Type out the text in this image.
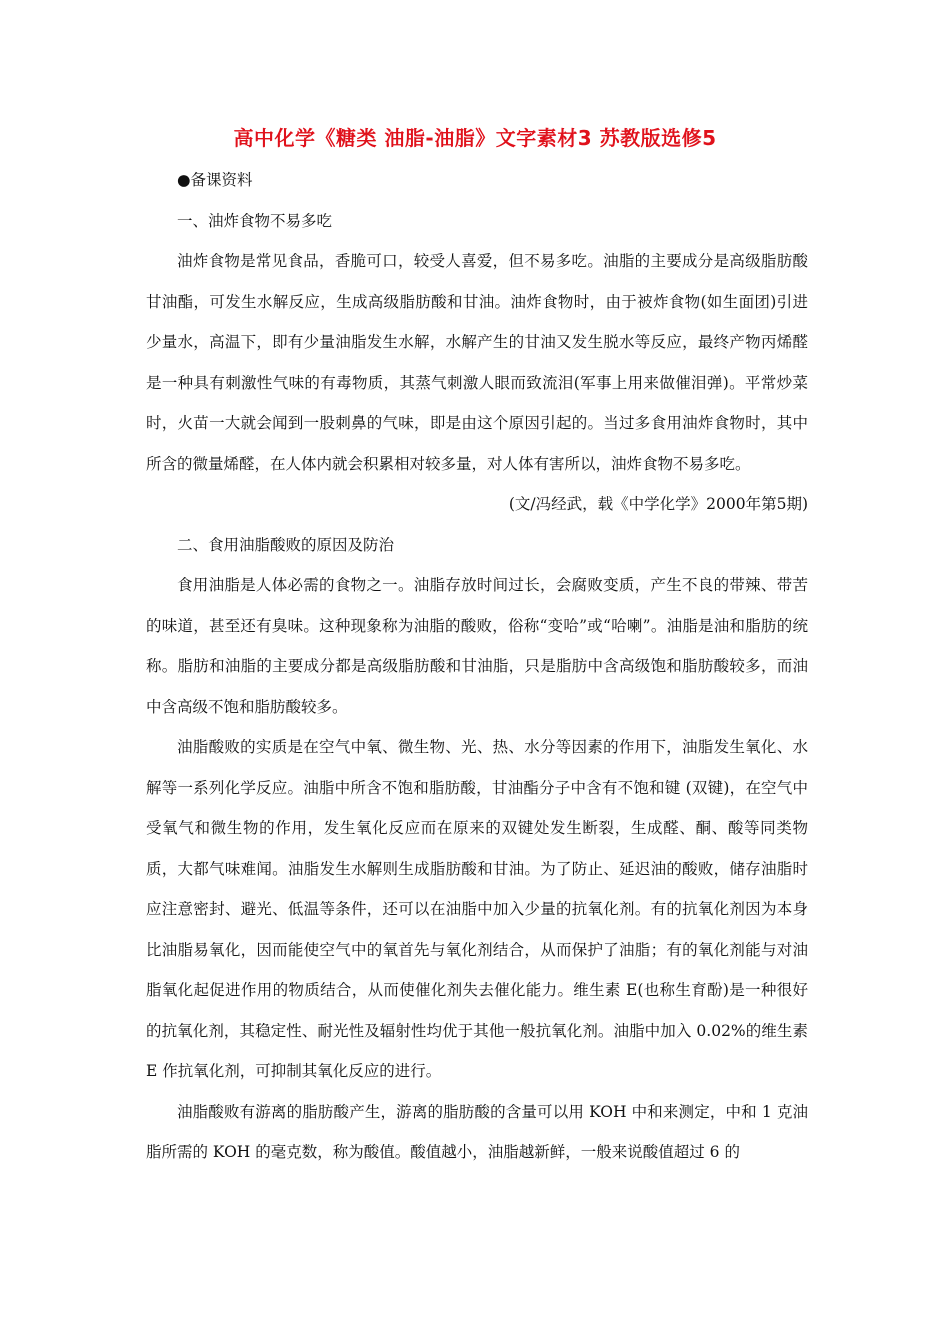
高中化学《糖类 油脂-油脂》文字素材3 苏教版选修5

●备课资料

一、油炸食物不易多吃

油炸食物是常见食品，香脆可口，较受人喜爱，但不易多吃。油脂的主要成分是高级脂肪酸甘油酯，可发生水解反应，生成高级脂肪酸和甘油。油炸食物时，由于被炸食物(如生面团)引进少量水，高温下，即有少量油脂发生水解，水解产生的甘油又发生脱水等反应，最终产物丙烯醛是一种具有刺激性气味的有毒物质，其蒸气刺激人眼而致流泪(军事上用来做催泪弹)。平常炒菜时，火苗一大就会闻到一股刺鼻的气味，即是由这个原因引起的。当过多食用油炸食物时，其中所含的微量烯醛，在人体内就会积累相对较多量，对人体有害所以，油炸食物不易多吃。

(文/冯经武，载《中学化学》2000年第5期)

二、食用油脂酸败的原因及防治

食用油脂是人体必需的食物之一。油脂存放时间过长，会腐败变质，产生不良的带辣、带苦的味道，甚至还有臭味。这种现象称为油脂的酸败，俗称“变哈”或“哈喇”。油脂是油和脂肪的统称。脂肪和油脂的主要成分都是高级脂肪酸和甘油脂，只是脂肪中含高级饱和脂肪酸较多，而油中含高级不饱和脂肪酸较多。

油脂酸败的实质是在空气中氧、微生物、光、热、水分等因素的作用下，油脂发生氧化、水解等一系列化学反应。油脂中所含不饱和脂肪酸，甘油酯分子中含有不饱和键 (双键)，在空气中受氧气和微生物的作用，发生氧化反应而在原来的双键处发生断裂，生成醛、酮、酸等同类物质，大都气味难闻。油脂发生水解则生成脂肪酸和甘油。为了防止、延迟油的酸败，储存油脂时应注意密封、避光、低温等条件，还可以在油脂中加入少量的抗氧化剂。有的抗氧化剂因为本身比油脂易氧化，因而能使空气中的氧首先与氧化剂结合，从而保护了油脂；有的氧化剂能与对油脂氧化起促进作用的物质结合，从而使催化剂失去催化能力。维生素 E(也称生育酚)是一种很好的抗氧化剂，其稳定性、耐光性及辐射性均优于其他一般抗氧化剂。油脂中加入 0.02%的维生素 E 作抗氧化剂，可抑制其氧化反应的进行。

油脂酸败有游离的脂肪酸产生，游离的脂肪酸的含量可以用 KOH 中和来测定，中和 1 克油脂所需的 KOH 的毫克数，称为酸值。酸值越小，油脂越新鲜，一般来说酸值超过 6 的
